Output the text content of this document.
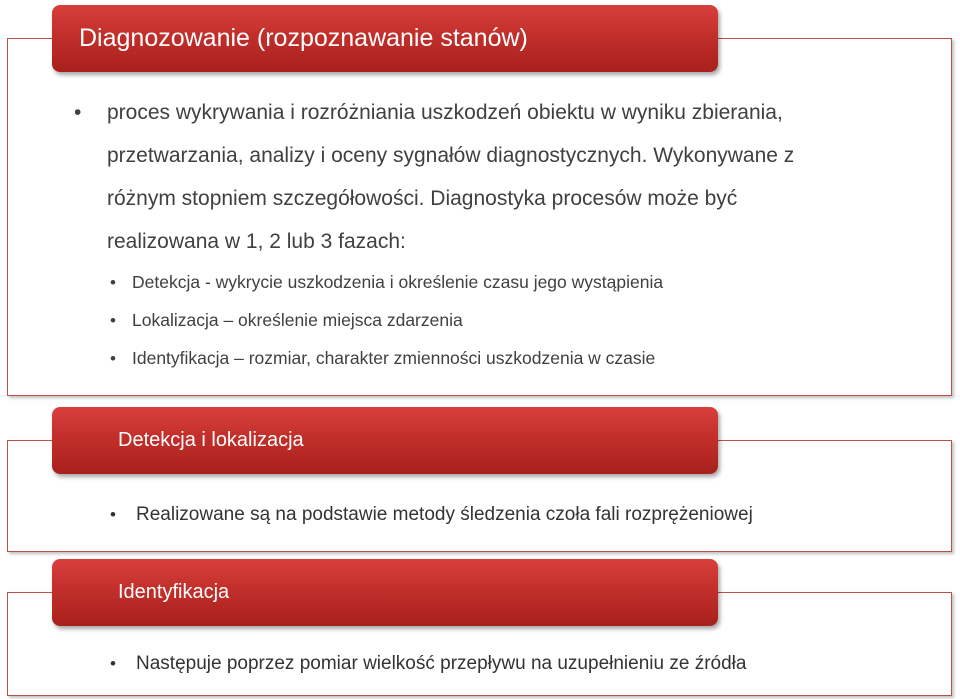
Diagnozowanie (rozpoznawanie stanów)
•	proces wykrywania i rozróżniania uszkodzeń obiektu w wyniku zbierania, przetwarzania, analizy i oceny sygnałów diagnostycznych. Wykonywane z różnym stopniem szczegółowości. Diagnostyka procesów może być realizowana w 1, 2 lub 3 fazach:
• Detekcja - wykrycie uszkodzenia i określenie czasu jego wystąpienia
• Lokalizacja – określenie miejsca zdarzenia
• Identyfikacja – rozmiar, charakter zmienności uszkodzenia w czasie
Detekcja i lokalizacja
• Realizowane są na podstawie metody śledzenia czoła fali rozprężeniowej
Identyfikacja
• Następuje poprzez pomiar wielkość przepływu na uzupełnieniu ze źródła
